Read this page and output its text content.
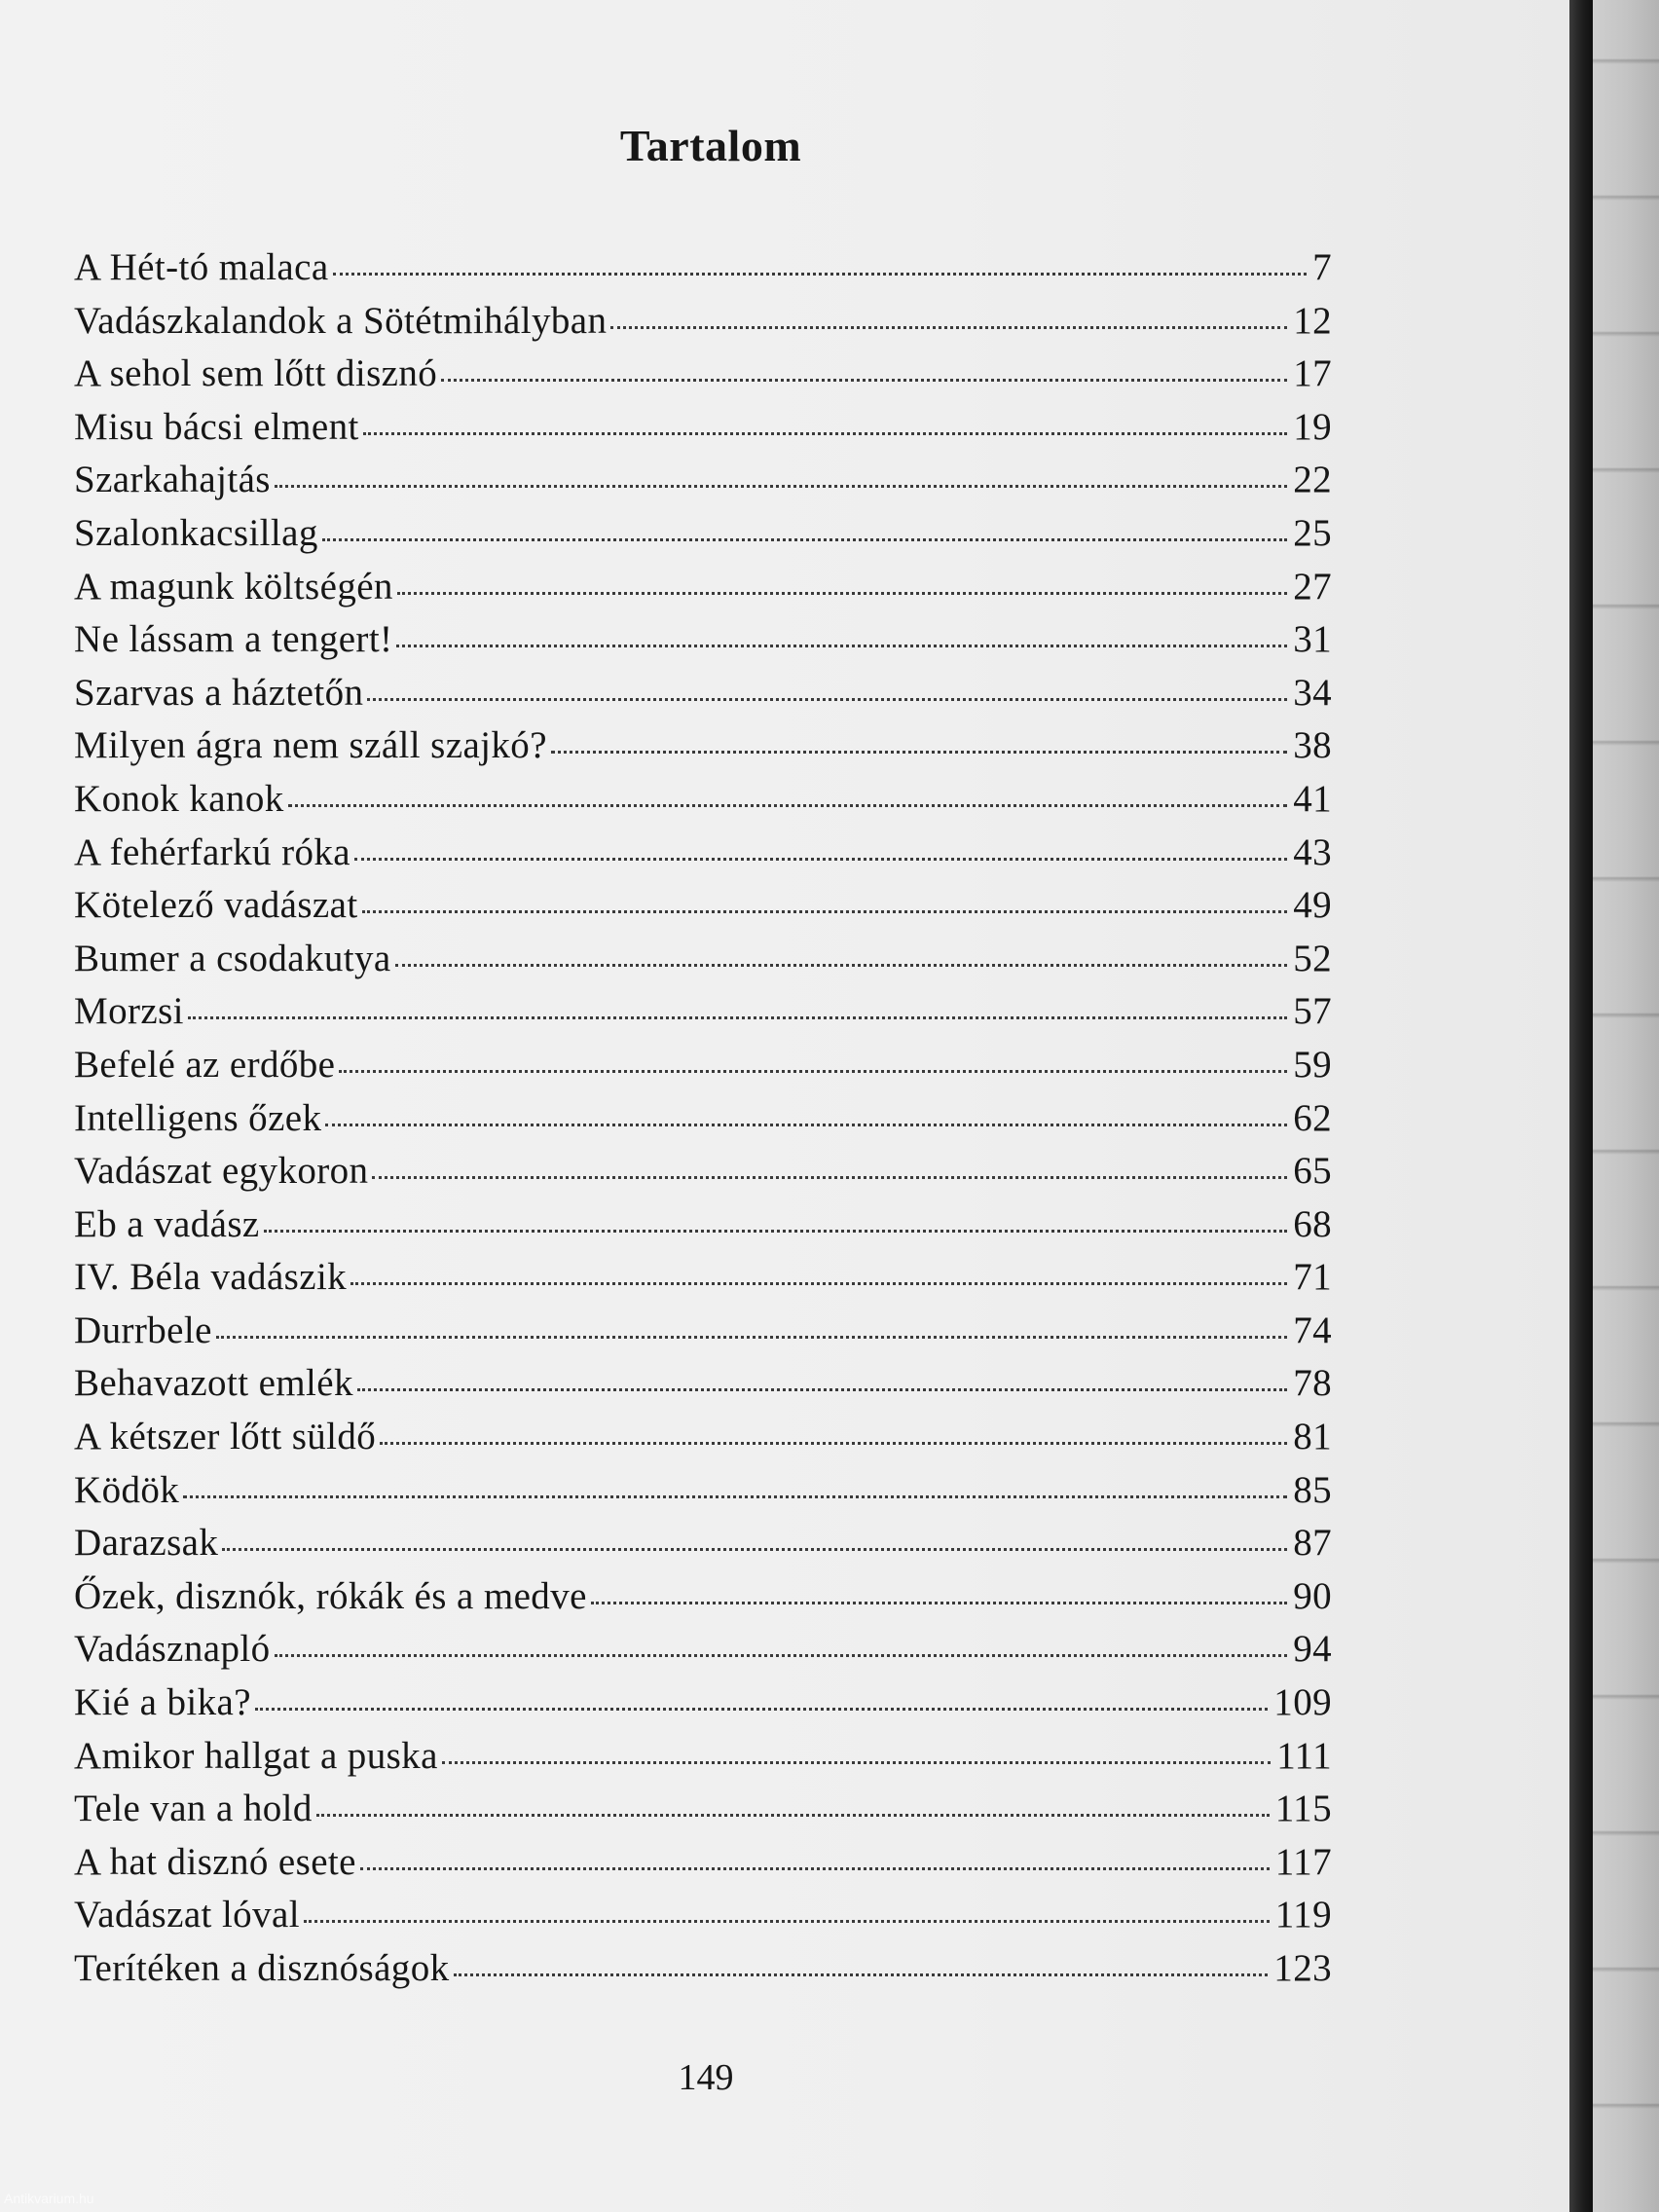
Tartalom
A Hét-tó malaca	7
Vadászkalandok a Sötétmihályban	12
A sehol sem lőtt disznó	17
Misu bácsi elment	19
Szarkahajtás	22
Szalonkacsillag	25
A magunk költségén	27
Ne lássam a tengert!	31
Szarvas a háztetőn	34
Milyen ágra nem száll szajkó?	38
Konok kanok	41
A fehérfarkú róka	43
Kötelező vadászat	49
Bumer a csodakutya	52
Morzsi	57
Befelé az erdőbe	59
Intelligens őzek	62
Vadászat egykoron	65
Eb a vadász	68
IV. Béla vadászik	71
Durrbele	74
Behavazott emlék	78
A kétszer lőtt süldő	81
Ködök	85
Darazsak	87
Őzek, disznók, rókák és a medve	90
Vadásznapló	94
Kié a bika?	109
Amikor hallgat a puska	111
Tele van a hold	115
A hat disznó esete	117
Vadászat lóval	119
Terítéken a disznóságok	123
149
Antikvarium.hu
